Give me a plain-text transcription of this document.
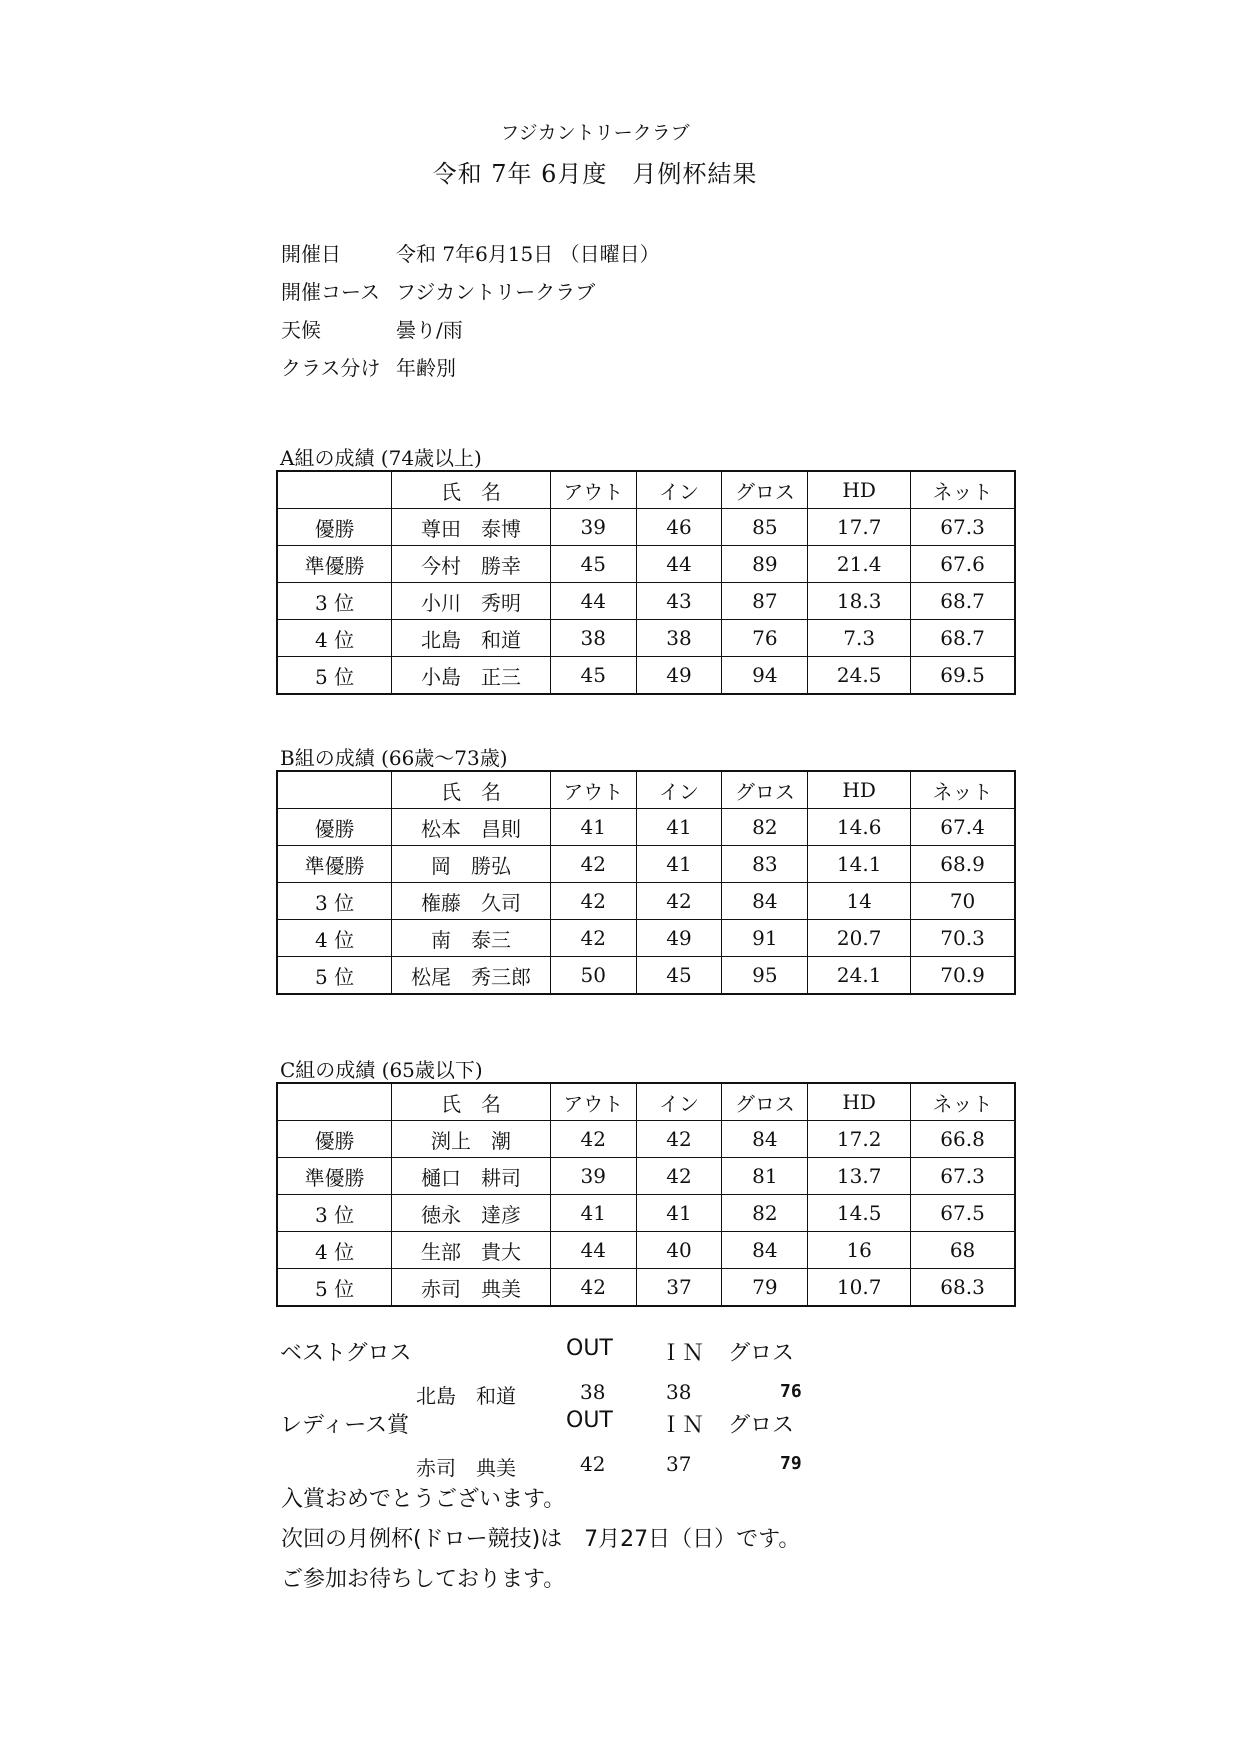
フジカントリークラブ
令和 7年 6月度　月例杯結果
開催日	令和 7年6月15日 （日曜日）
開催コース フジカントリークラブ
天候	曇り/雨
クラス分け 年齢別
A組の成績 (74歳以上)
	氏　名	アウト	イン	グロス	HD	ネット
優勝	尊田　泰博	39	46	85	17.7	67.3
準優勝	今村　勝幸	45	44	89	21.4	67.6
3 位	小川　秀明	44	43	87	18.3	68.7
4 位	北島　和道	38	38	76	7.3	68.7
5 位	小島　正三	45	49	94	24.5	69.5
B組の成績 (66歳～73歳)
	氏　名	アウト	イン	グロス	HD	ネット
優勝	松本　昌則	41	41	82	14.6	67.4
準優勝	岡　勝弘	42	41	83	14.1	68.9
3 位	権藤　久司	42	42	84	14	70
4 位	南　泰三	42	49	91	20.7	70.3
5 位	松尾　秀三郎	50	45	95	24.1	70.9
C組の成績 (65歳以下)
	氏　名	アウト	イン	グロス	HD	ネット
優勝	渕上　潮	42	42	84	17.2	66.8
準優勝	樋口　耕司	39	42	81	13.7	67.3
3 位	徳永　達彦	41	41	82	14.5	67.5
4 位	生部　貴大	44	40	84	16	68
5 位	赤司　典美	42	37	79	10.7	68.3
ベストグロス	OUT ＩＮ グロス
北島　和道	38	38	76
レディース賞	OUT ＩＮ グロス
赤司　典美	42	37	79
入賞おめでとうございます。
次回の月例杯(ドロー競技)は　7月27日（日）です。
ご参加お待ちしております。
